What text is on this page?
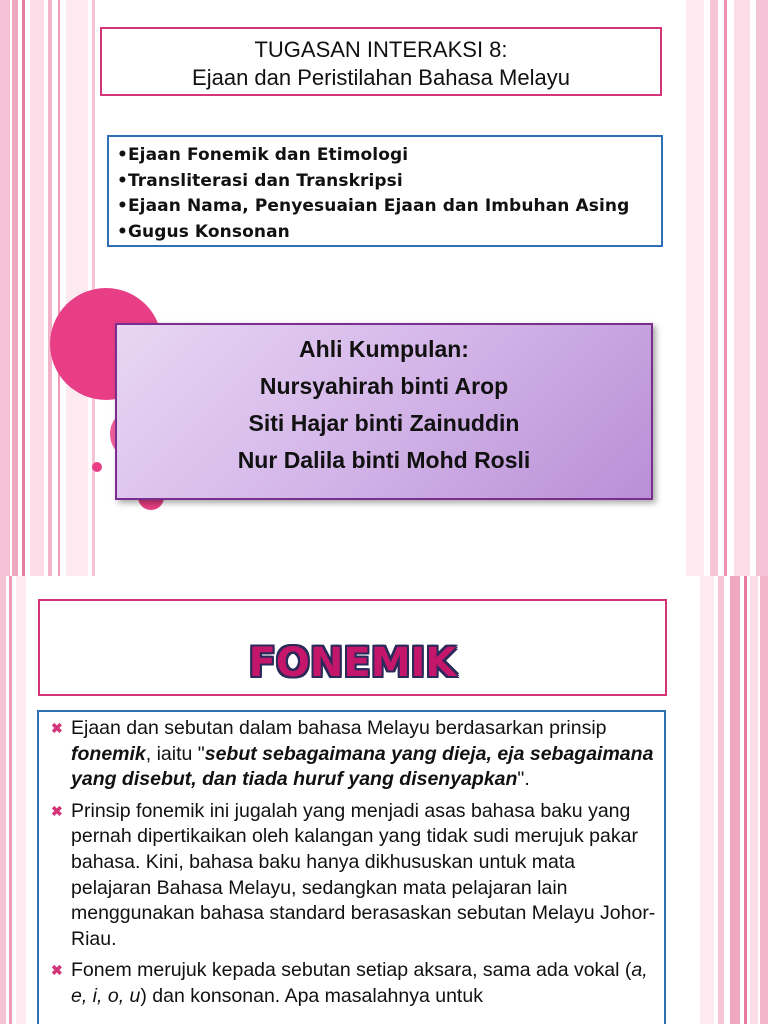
TUGASAN INTERAKSI 8:
Ejaan dan Peristilahan Bahasa Melayu
•Ejaan Fonemik dan Etimologi
•Transliterasi dan Transkripsi
•Ejaan Nama, Penyesuaian Ejaan dan Imbuhan Asing
•Gugus Konsonan
Ahli Kumpulan:
Nursyahirah binti Arop
Siti Hajar binti Zainuddin
Nur Dalila binti Mohd Rosli
FONEMIK
✖ Ejaan dan sebutan dalam bahasa Melayu berdasarkan prinsip fonemik, iaitu "sebut sebagaimana yang dieja, eja sebagaimana yang disebut, dan tiada huruf yang disenyapkan".
✖ Prinsip fonemik ini jugalah yang menjadi asas bahasa baku yang pernah dipertikaikan oleh kalangan yang tidak sudi merujuk pakar bahasa. Kini, bahasa baku hanya dikhususkan untuk mata pelajaran Bahasa Melayu, sedangkan mata pelajaran lain menggunakan bahasa standard berasaskan sebutan Melayu Johor-Riau.
✖ Fonem merujuk kepada sebutan setiap aksara, sama ada vokal (a, e, i, o, u) dan konsonan. Apa masalahnya untuk
